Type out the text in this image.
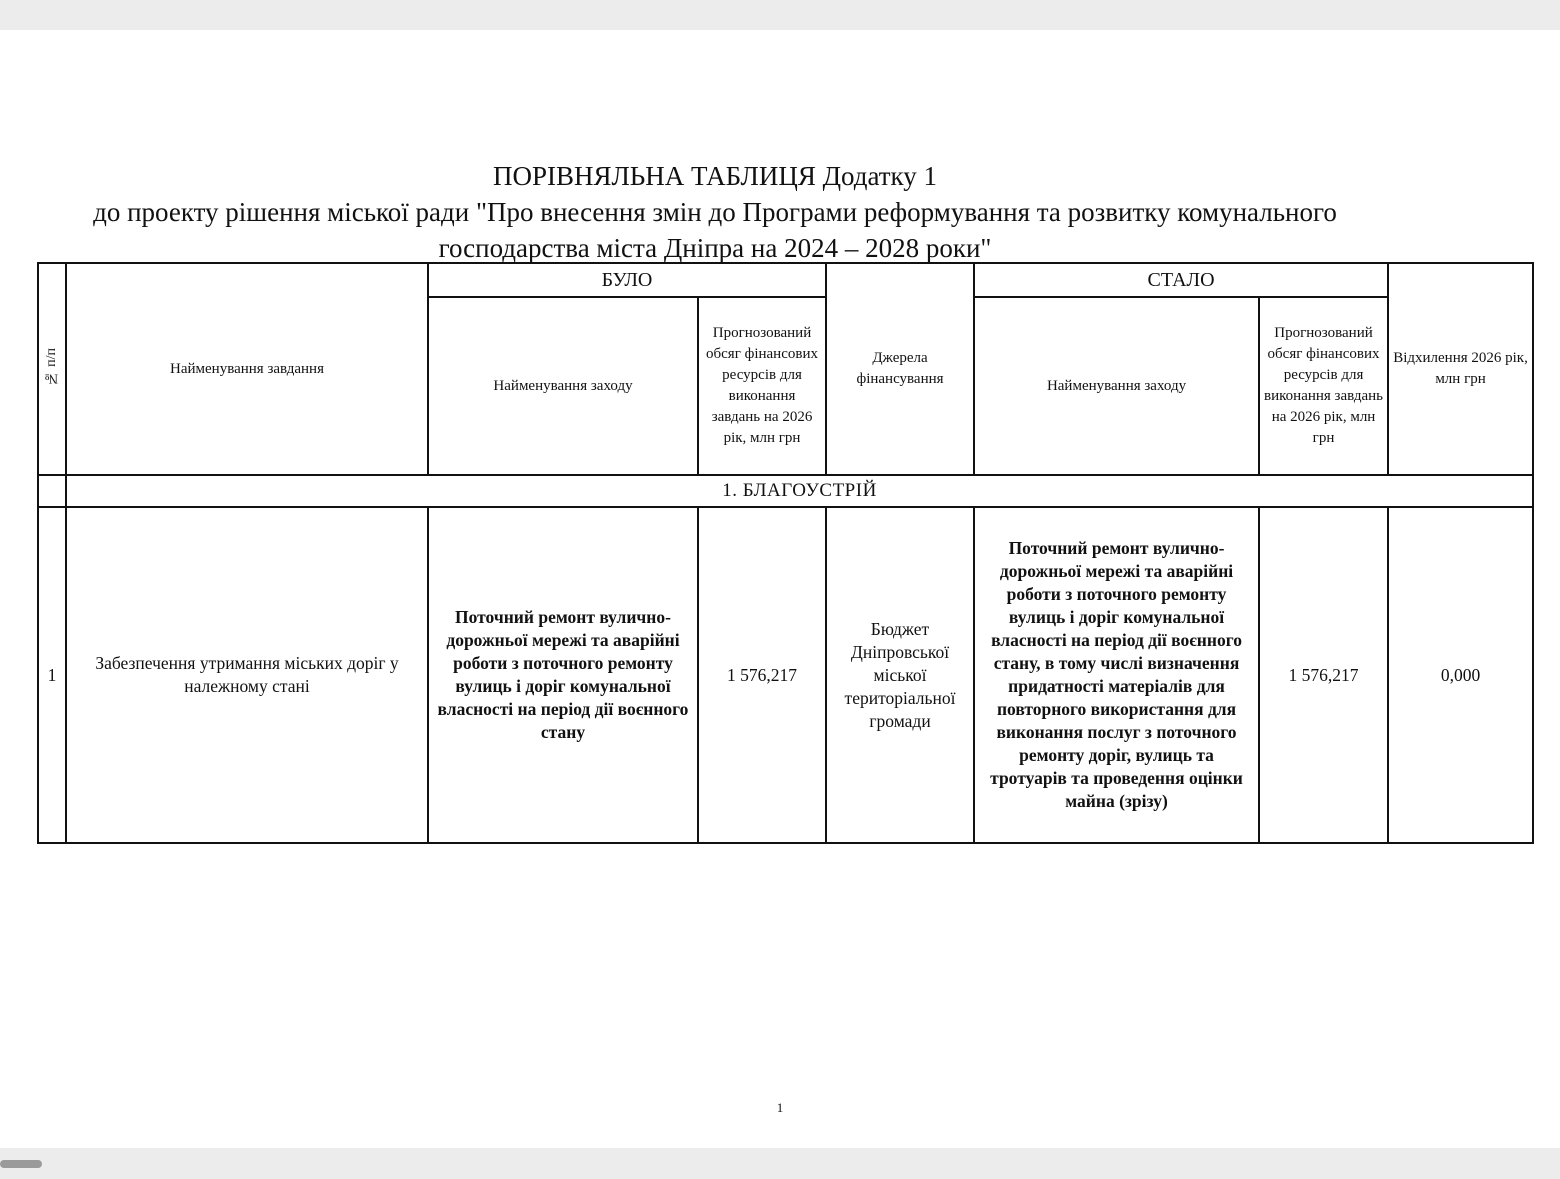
ПОРІВНЯЛЬНА ТАБЛИЦЯ Додатку 1
до проекту рішення міської ради "Про внесення змін до Програми реформування та розвитку комунального
господарства міста Дніпра на 2024 – 2028 роки"
№ п/п	Найменування завдання	БУЛО		Джерела фінансування	СТАЛО		Відхилення 2026 рік, млн грн
		Найменування заходу	Прогнозований обсяг фінансових ресурсів для виконання завдань на 2026 рік, млн грн		Найменування заходу	Прогнозований обсяг фінансових ресурсів для виконання завдань на 2026 рік, млн грн	
	1. БЛАГОУСТРІЙ						
1	Забезпечення утримання міських доріг у належному стані	Поточний ремонт вулично-дорожньої мережі та аварійні роботи з поточного ремонту вулиць і доріг комунальної власності на період дії воєнного стану	1 576,217	Бюджет Дніпровської міської територіальної громади	Поточний ремонт вулично-дорожньої мережі та аварійні роботи з поточного ремонту вулиць і доріг комунальної власності на період дії воєнного стану, в тому числі визначення придатності матеріалів для повторного використання для виконання послуг з поточного ремонту доріг, вулиць та тротуарів та проведення оцінки майна (зрізу)	1 576,217	0,000
1
